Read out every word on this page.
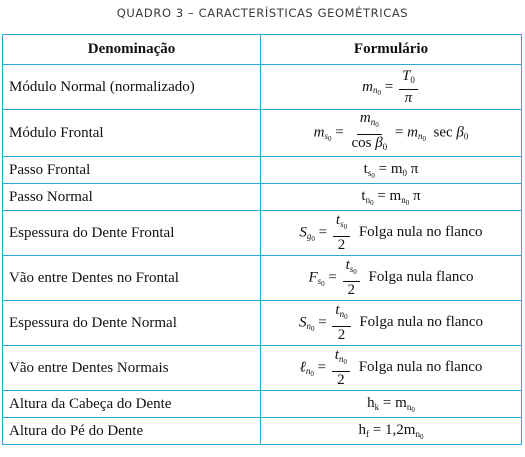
QUADRO 3 – CARACTERÍSTICAS GEOMÉTRICAS
Denominação	Formulário
Módulo Normal (normalizado)	$m_{n_0} = \frac{T_0}{\pi}$

Módulo Frontal	$m_{s_0} = \frac{m_{n_0}}{\cos \beta_0} = m_{n_0}$ $\sec \beta_0$
Passo Frontal	$t_{s_0} = m_0$ π
Passo Normal	$t_{n_0} = m_{n_0}$ π
Espessura do Dente Frontal	$S_{g_0} = \frac{t_{s_0}}{2}$ Folga nula no flanco
Vão entre Dentes no Frontal	$F_{s_0} = \frac{t_{s_0}}{2}$ Folga nula flanco
Espessura do Dente Normal	$S_{n_0} = \frac{t_{n_0}}{2}$ Folga nula no flanco
Vão entre Dentes Normais	ℓ$_{n_0}$ = $\frac{t_{n_0}}{2}$ Folga nula no flanco
Altura da Cabeça do Dente	$h_k = m_{n_0}$
Altura do Pé do Dente	$h_f = 1,2m_{n_0}$
